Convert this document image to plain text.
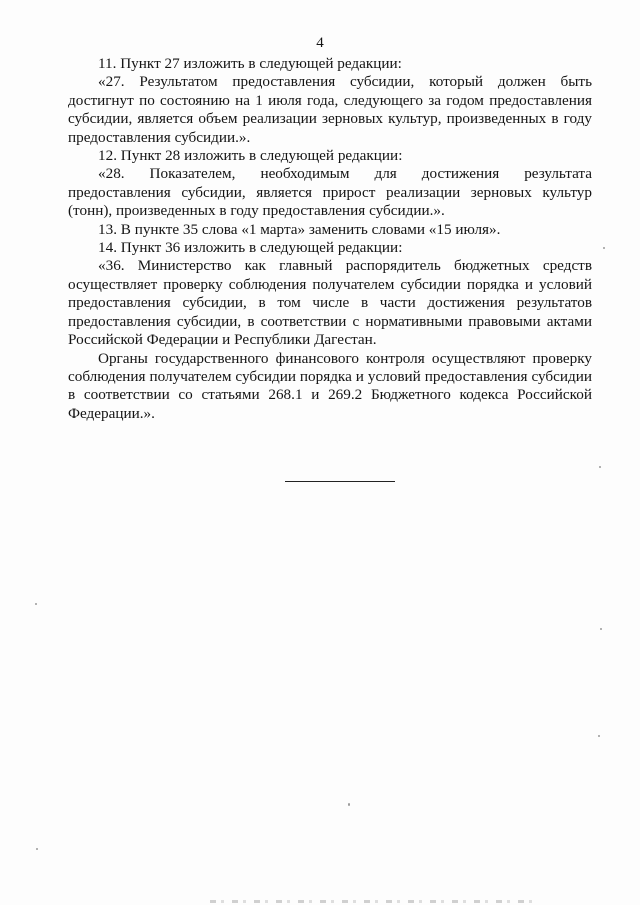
4

11. Пункт 27 изложить в следующей редакции:

«27. Результатом предоставления субсидии, который должен быть достигнут по состоянию на 1 июля года, следующего за годом предоставления субсидии, является объем реализации зерновых культур, произведенных в году предоставления субсидии.».

12. Пункт 28 изложить в следующей редакции:

«28. Показателем, необходимым для достижения результата предоставления субсидии, является прирост реализации зерновых культур (тонн), произведенных в году предоставления субсидии.».

13. В пункте 35 слова «1 марта» заменить словами «15 июля».

14. Пункт 36 изложить в следующей редакции:

«36. Министерство как главный распорядитель бюджетных средств осуществляет проверку соблюдения получателем субсидии порядка и условий предоставления субсидии, в том числе в части достижения результатов предоставления субсидии, в соответствии с нормативными правовыми актами Российской Федерации и Республики Дагестан.

Органы государственного финансового контроля осуществляют проверку соблюдения получателем субсидии порядка и условий предоставления субсидии в соответствии со статьями 268.1 и 269.2 Бюджетного кодекса Российской Федерации.».
